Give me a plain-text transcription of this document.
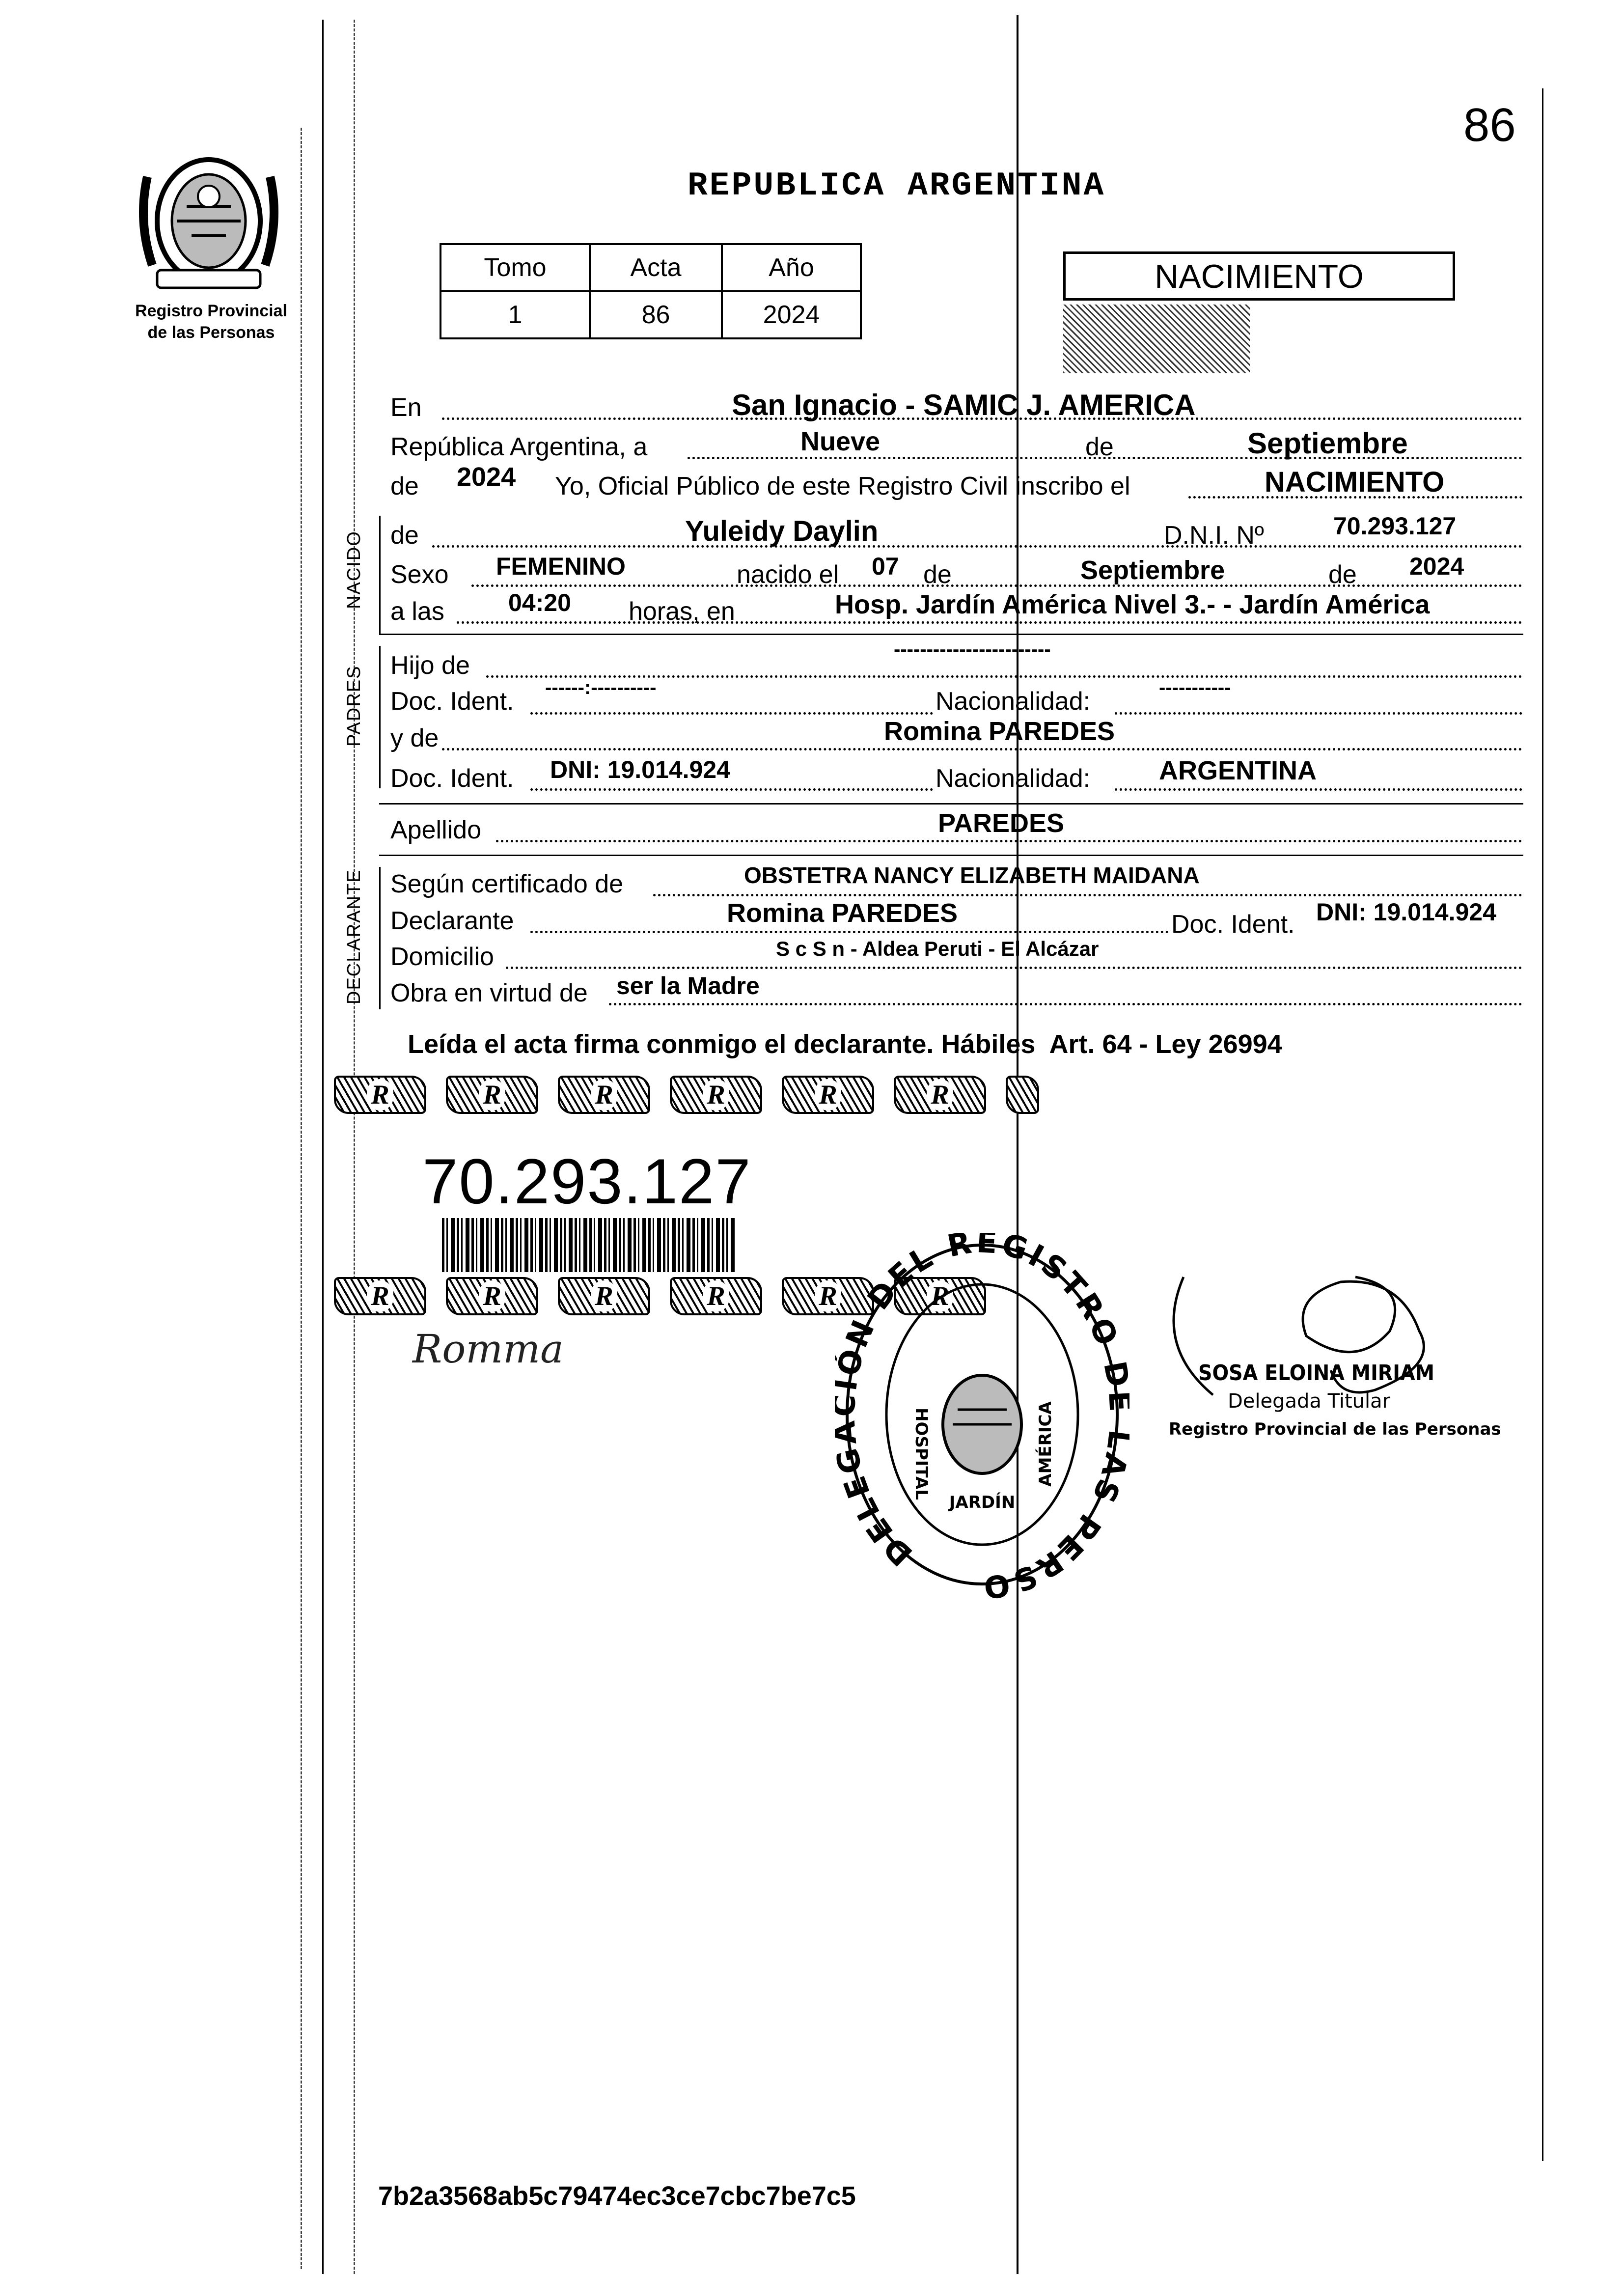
86
Registro Provincial
de las Personas
REPUBLICA ARGENTINA
Tomo	Acta	Año
1	86	2024
NACIMIENTO
En	San Ignacio - SAMIC J. AMERICA
República Argentina, a	Nueve	de	Septiembre
de 2024 Yo, Oficial Público de este Registro Civil inscribo el	NACIMIENTO
NACIDO de	Yuleidy Daylin	D.N.I. Nº	70.293.127
Sexo FEMENINO	nacido el 07 de	Septiembre	de 2024
a las	04:20 horas, en	Hosp. Jardín América Nivel 3.- - Jardín América
PADRES Hijo de
------------------------
Doc. Ident. ------:----------	Nacionalidad:	-----------
y de	Romina PAREDES
Doc. Ident. DNI: 19.014.924	Nacionalidad:	ARGENTINA
Apellido	PAREDES
DECLARANTE Según certificado de	OBSTETRA NANCY ELIZABETH MAIDANA
Declarante	Romina PAREDES	Doc. Ident. DNI: 19.014.924
Domicilio	S c S n - Aldea Peruti - El Alcázar
Obra en virtud de ser la Madre
Leída el acta firma conmigo el declarante. Hábiles  Art. 64 - Ley 26994
R	R	R	R	R	R
70.293.127
R	R	R	R	R	R
Romma
DELE N DEL REGISTRO S PERSO
HOSPITAL
JARDÍN
AMÉRICA
SOSA ELOINA MIRIAM
Delegada Titular
Registro Provincial de las Personas
7b2a3568ab5c79474ec3ce7cbc7be7c5
